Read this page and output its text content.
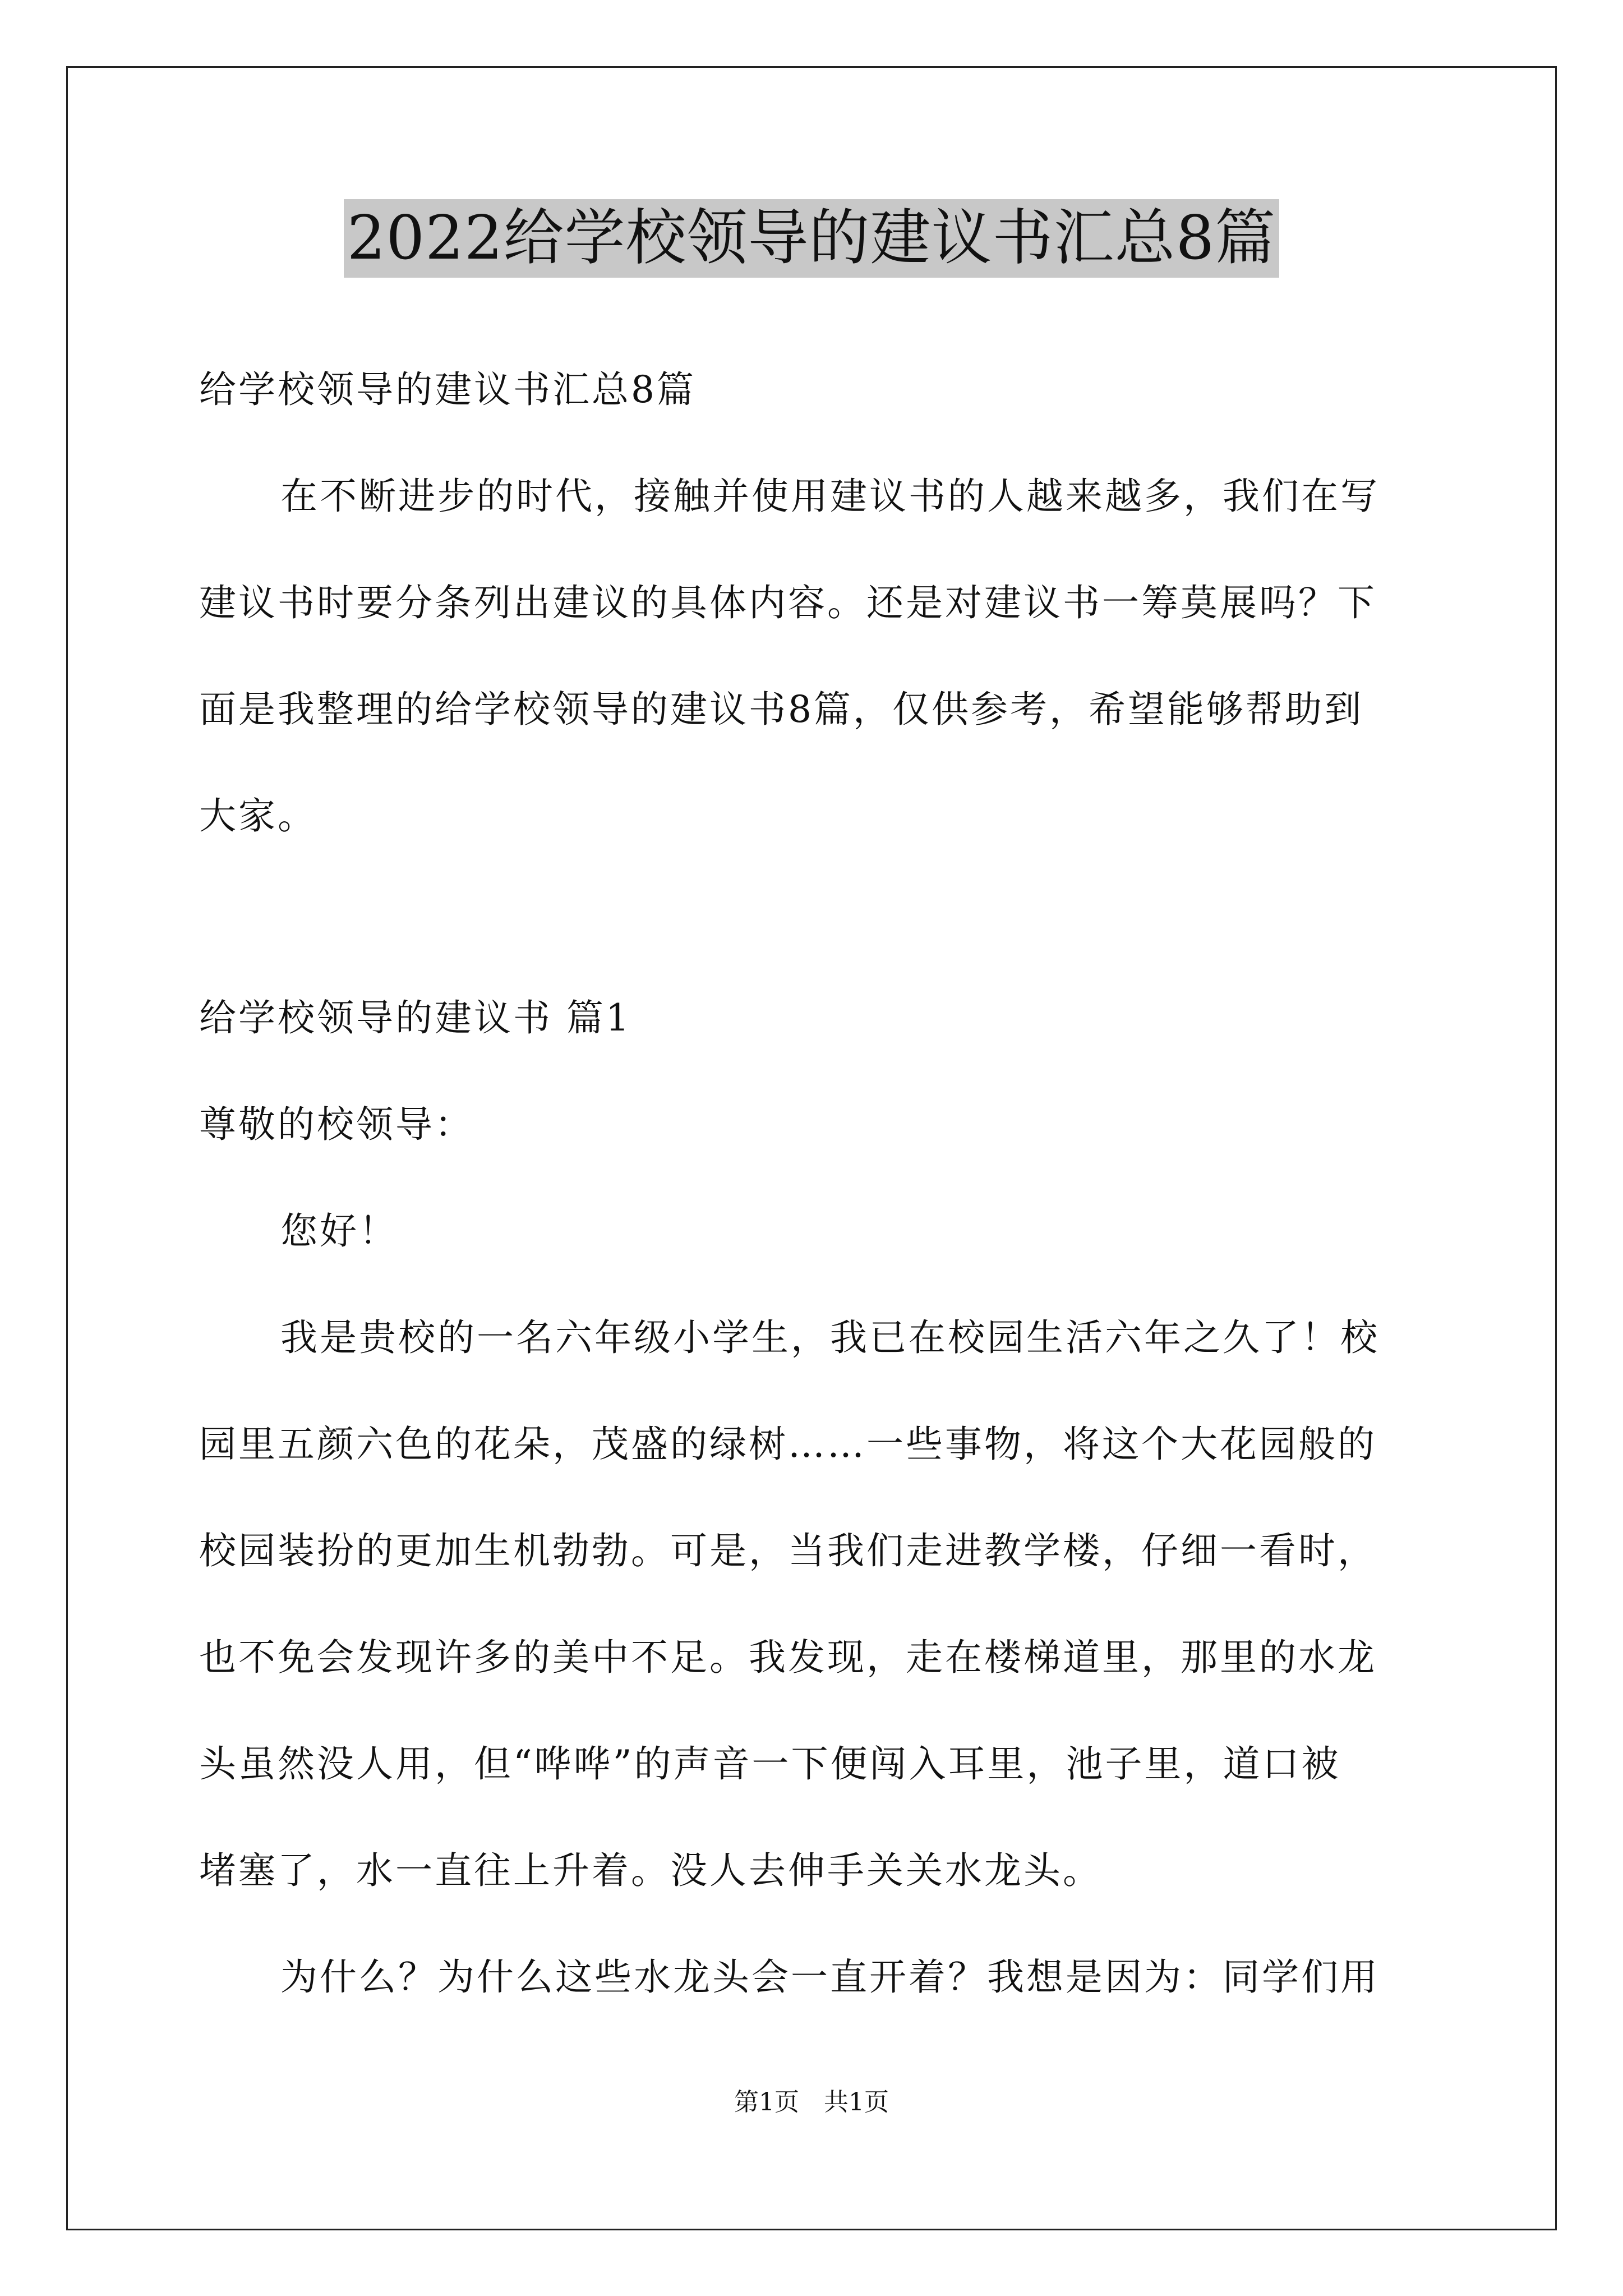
2022给学校领导的建议书汇总8篇
给学校领导的建议书汇总8篇
在不断进步的时代，接触并使用建议书的人越来越多，我们在写
建议书时要分条列出建议的具体内容。还是对建议书一筹莫展吗？下
面是我整理的给学校领导的建议书8篇，仅供参考，希望能够帮助到
大家。
给学校领导的建议书 篇1
尊敬的校领导：
您好！
我是贵校的一名六年级小学生，我已在校园生活六年之久了！校
园里五颜六色的花朵，茂盛的绿树……一些事物，将这个大花园般的
校园装扮的更加生机勃勃。可是，当我们走进教学楼，仔细一看时，
也不免会发现许多的美中不足。我发现，走在楼梯道里，那里的水龙
头虽然没人用，但“哗哗”的声音一下便闯入耳里，池子里，道口被
堵塞了，水一直往上升着。没人去伸手关关水龙头。
为什么？为什么这些水龙头会一直开着？我想是因为：同学们用
第1页　共1页
